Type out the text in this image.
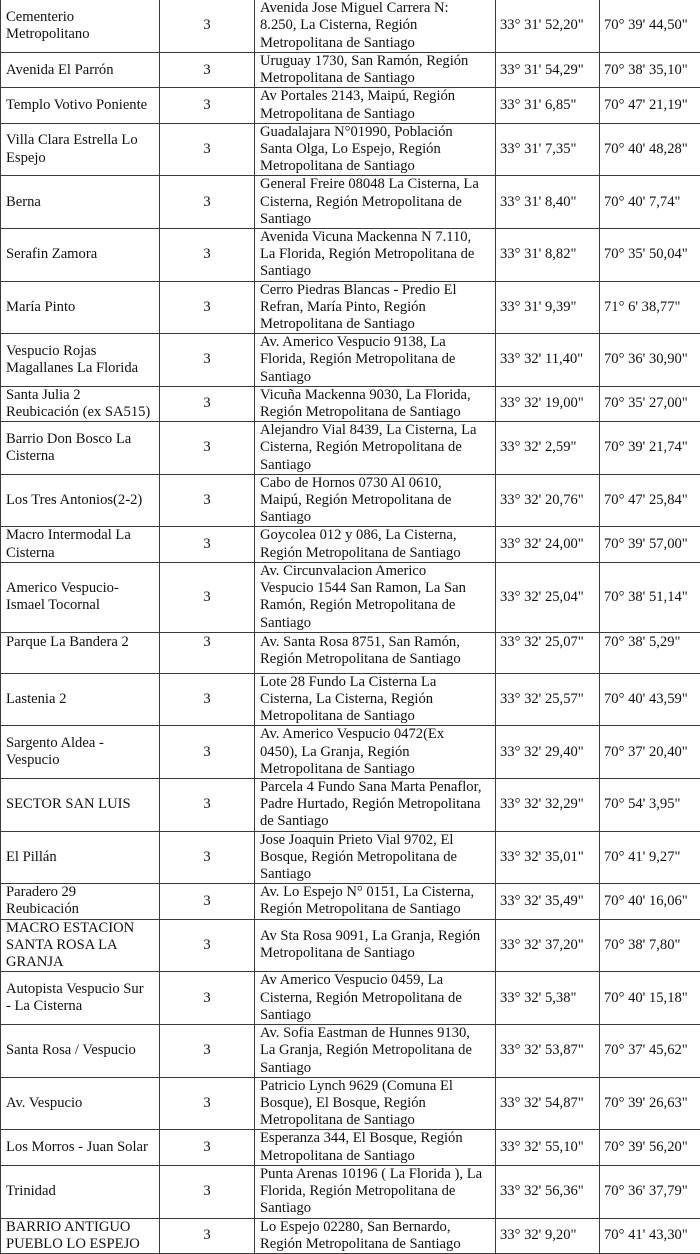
Cementerio
Metropolitano	3	Avenida Jose Miguel Carrera N:
8.250, La Cisterna, Región
Metropolitana de Santiago	33° 31' 52,20"	70° 39' 44,50"
Avenida El Parrón	3	Uruguay 1730, San Ramón, Región
Metropolitana de Santiago	33° 31' 54,29"	70° 38' 35,10"
Templo Votivo Poniente	3	Av Portales 2143, Maipú, Región
Metropolitana de Santiago	33° 31' 6,85"	70° 47' 21,19"
Villa Clara Estrella Lo
Espejo	3	Guadalajara N°01990, Población
Santa Olga, Lo Espejo, Región
Metropolitana de Santiago	33° 31' 7,35"	70° 40' 48,28"
Berna	3	General Freire 08048 La Cisterna, La
Cisterna, Región Metropolitana de
Santiago	33° 31' 8,40"	70° 40' 7,74"
Serafin Zamora	3	Avenida Vicuna Mackenna N 7.110,
La Florida, Región Metropolitana de
Santiago	33° 31' 8,82"	70° 35' 50,04"
María Pinto	3	Cerro Piedras Blancas - Predio El
Refran, María Pinto, Región
Metropolitana de Santiago	33° 31' 9,39"	71° 6' 38,77"
Vespucio Rojas
Magallanes La Florida	3	Av. Americo Vespucio 9138, La
Florida, Región Metropolitana de
Santiago	33° 32' 11,40"	70° 36' 30,90"
Santa Julia 2
Reubicación (ex SA515)	3	Vicuña Mackenna 9030, La Florida,
Región Metropolitana de Santiago	33° 32' 19,00"	70° 35' 27,00"
Barrio Don Bosco La
Cisterna	3	Alejandro Vial 8439, La Cisterna, La
Cisterna, Región Metropolitana de
Santiago	33° 32' 2,59"	70° 39' 21,74"
Los Tres Antonios(2-2)	3	Cabo de Hornos 0730 Al 0610,
Maipú, Región Metropolitana de
Santiago	33° 32' 20,76"	70° 47' 25,84"
Macro Intermodal La
Cisterna	3	Goycolea 012 y 086, La Cisterna,
Región Metropolitana de Santiago	33° 32' 24,00"	70° 39' 57,00"
Americo Vespucio-
Ismael Tocornal	3	Av. Circunvalacion Americo
Vespucio 1544 San Ramon, La San
Ramón, Región Metropolitana de
Santiago	33° 32' 25,04"	70° 38' 51,14"
Parque La Bandera 2	3	Av. Santa Rosa 8751, San Ramón,
Región Metropolitana de Santiago	33° 32' 25,07"	70° 38' 5,29"
Lastenia 2	3	Lote 28 Fundo La Cisterna La
Cisterna, La Cisterna, Región
Metropolitana de Santiago	33° 32' 25,57"	70° 40' 43,59"
Sargento Aldea -
Vespucio	3	Av. Americo Vespucio 0472(Ex
0450), La Granja, Región
Metropolitana de Santiago	33° 32' 29,40"	70° 37' 20,40"
SECTOR SAN LUIS	3	Parcela 4 Fundo Sana Marta Penaflor,
Padre Hurtado, Región Metropolitana
de Santiago	33° 32' 32,29"	70° 54' 3,95"
El Pillán	3	Jose Joaquin Prieto Vial 9702, El
Bosque, Región Metropolitana de
Santiago	33° 32' 35,01"	70° 41' 9,27"
Paradero 29
Reubicación	3	Av. Lo Espejo N° 0151, La Cisterna,
Región Metropolitana de Santiago	33° 32' 35,49"	70° 40' 16,06"
MACRO ESTACION
SANTA ROSA LA
GRANJA	3	Av Sta Rosa 9091, La Granja, Región
Metropolitana de Santiago	33° 32' 37,20"	70° 38' 7,80"
Autopista Vespucio Sur
- La Cisterna	3	Av Americo Vespucio 0459, La
Cisterna, Región Metropolitana de
Santiago	33° 32' 5,38"	70° 40' 15,18"
Santa Rosa / Vespucio	3	Av. Sofia Eastman de Hunnes 9130,
La Granja, Región Metropolitana de
Santiago	33° 32' 53,87"	70° 37' 45,62"
Av. Vespucio	3	Patricio Lynch 9629 (Comuna El
Bosque), El Bosque, Región
Metropolitana de Santiago	33° 32' 54,87"	70° 39' 26,63"
Los Morros - Juan Solar	3	Esperanza 344, El Bosque, Región
Metropolitana de Santiago	33° 32' 55,10"	70° 39' 56,20"
Trinidad	3	Punta Arenas 10196 ( La Florida ), La
Florida, Región Metropolitana de
Santiago	33° 32' 56,36"	70° 36' 37,79"
BARRIO ANTIGUO
PUEBLO LO ESPEJO	3	Lo Espejo 02280, San Bernardo,
Región Metropolitana de Santiago	33° 32' 9,20"	70° 41' 43,30"
